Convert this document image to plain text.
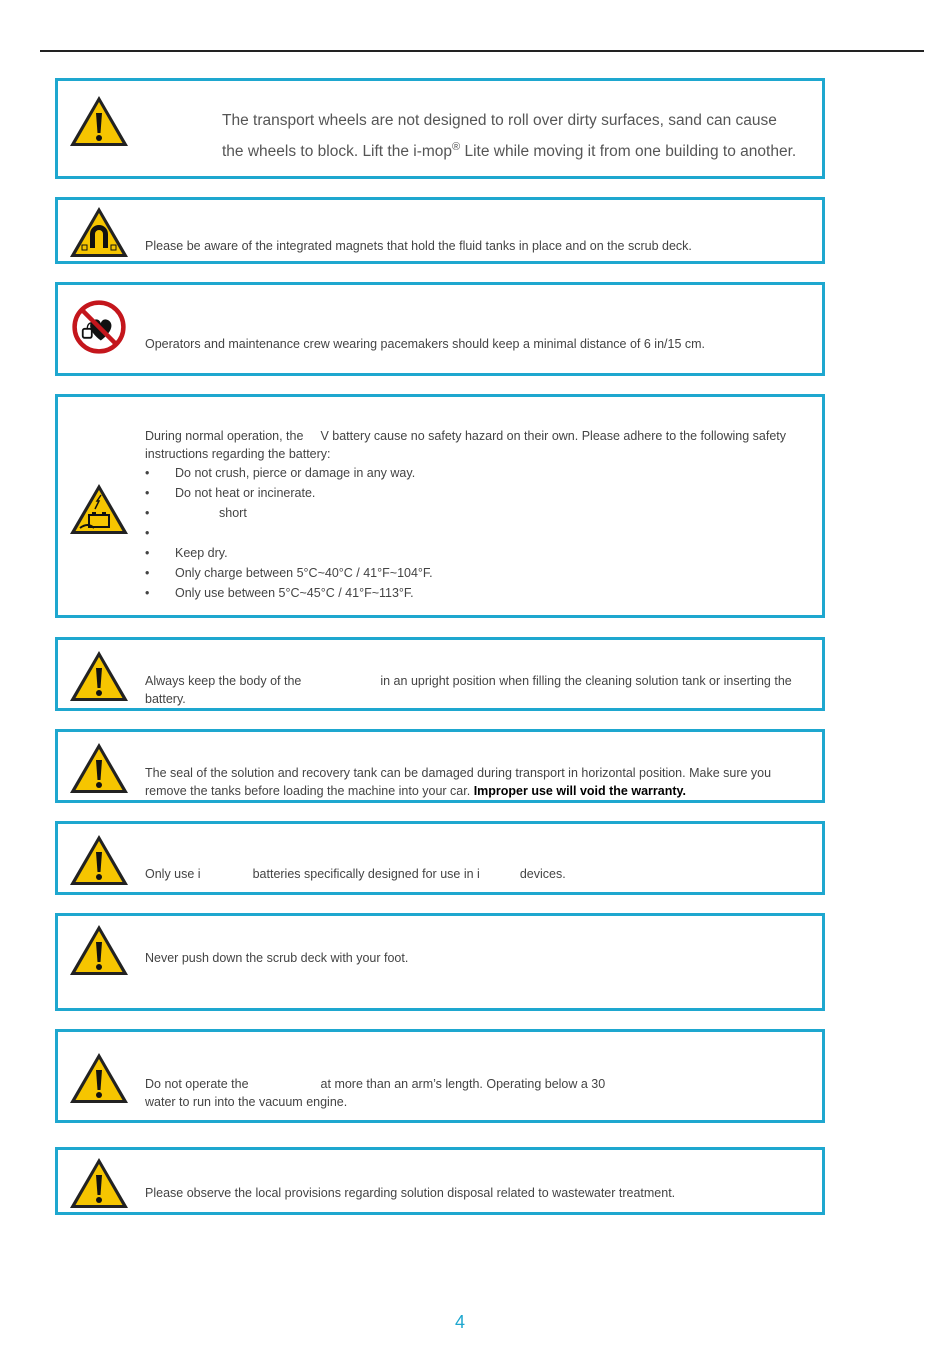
The transport wheels are not designed to roll over dirty surfaces, sand can cause the wheels to block. Lift the i-mop® Lite while moving it from one building to another.
Please be aware of the integrated magnets that hold the fluid tanks in place and on the scrub deck.
Operators and maintenance crew wearing pacemakers should keep a minimal distance of 6 in/15 cm.
During normal operation, the V battery cause no safety hazard on their own. Please adhere to the following safety instructions regarding the battery:
•	Do not crush, pierce or damage in any way.
•	Do not heat or incinerate.
•	short
•
•	Keep dry.
•	Only charge between 5°C~40°C / 41°F~104°F.
•	Only use between 5°C~45°C / 41°F~113°F.
Always keep the body of the	in an upright position when filling the cleaning solution tank or inserting the battery.
The seal of the solution and recovery tank can be damaged during transport in horizontal position. Make sure you remove the tanks before loading the machine into your car. Improper use will void the warranty.
Only use i	batteries specifically designed for use in i	devices.
Never push down the scrub deck with your foot.
Do not operate the	at more than an arm’s length. Operating below a 30
water to run into the vacuum engine.
Please observe the local provisions regarding solution disposal related to wastewater treatment.
4
